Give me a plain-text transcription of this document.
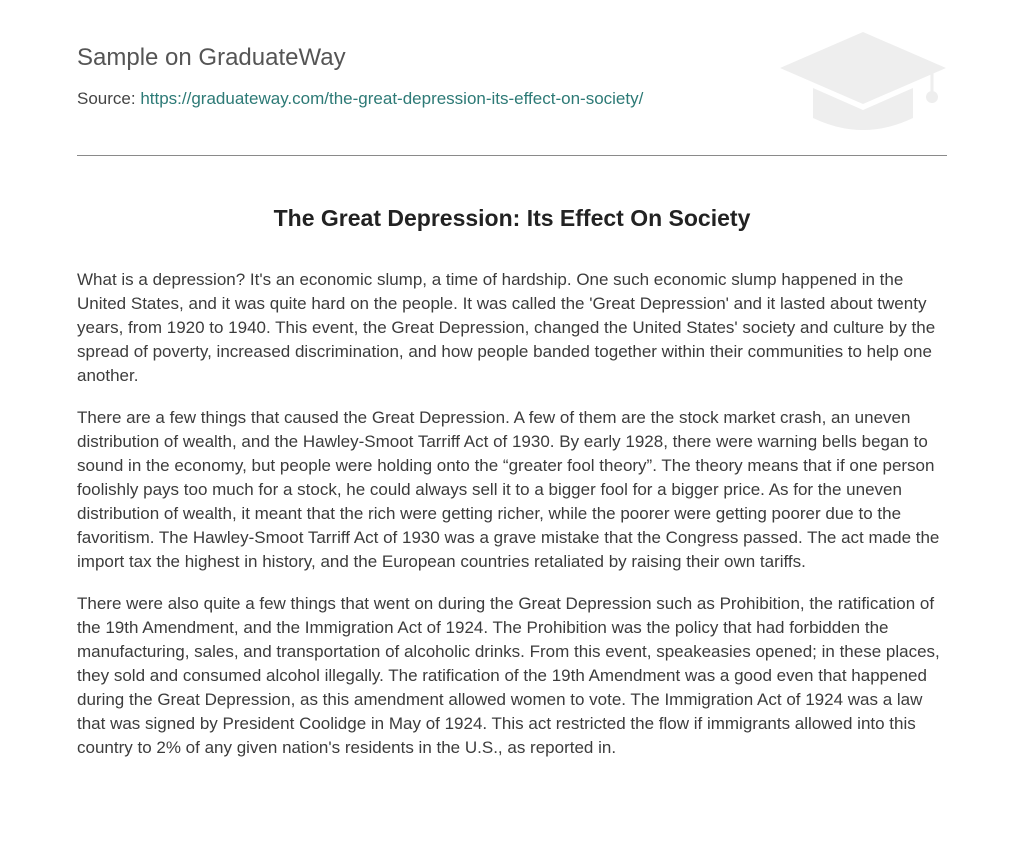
Sample on GraduateWay
Source: https://graduateway.com/the-great-depression-its-effect-on-society/
The Great Depression: Its Effect On Society

What is a depression? It's an economic slump, a time of hardship. One such economic slump happened in the United States, and it was quite hard on the people. It was called the 'Great Depression' and it lasted about twenty years, from 1920 to 1940. This event, the Great Depression, changed the United States' society and culture by the spread of poverty, increased discrimination, and how people banded together within their communities to help one another.

There are a few things that caused the Great Depression. A few of them are the stock market crash, an uneven distribution of wealth, and the Hawley-Smoot Tarriff Act of 1930. By early 1928, there were warning bells began to sound in the economy, but people were holding onto the “greater fool theory”. The theory means that if one person foolishly pays too much for a stock, he could always sell it to a bigger fool for a bigger price. As for the uneven distribution of wealth, it meant that the rich were getting richer, while the poorer were getting poorer due to the favoritism. The Hawley-Smoot Tarriff Act of 1930 was a grave mistake that the Congress passed. The act made the import tax the highest in history, and the European countries retaliated by raising their own tariffs.

There were also quite a few things that went on during the Great Depression such as Prohibition, the ratification of the 19th Amendment, and the Immigration Act of 1924. The Prohibition was the policy that had forbidden the manufacturing, sales, and transportation of alcoholic drinks. From this event, speakeasies opened; in these places, they sold and consumed alcohol illegally. The ratification of the 19th Amendment was a good even that happened during the Great Depression, as this amendment allowed women to vote. The Immigration Act of 1924 was a law that was signed by President Coolidge in May of 1924. This act restricted the flow if immigrants allowed into this country to 2% of any given nation's residents in the U.S., as reported in.
